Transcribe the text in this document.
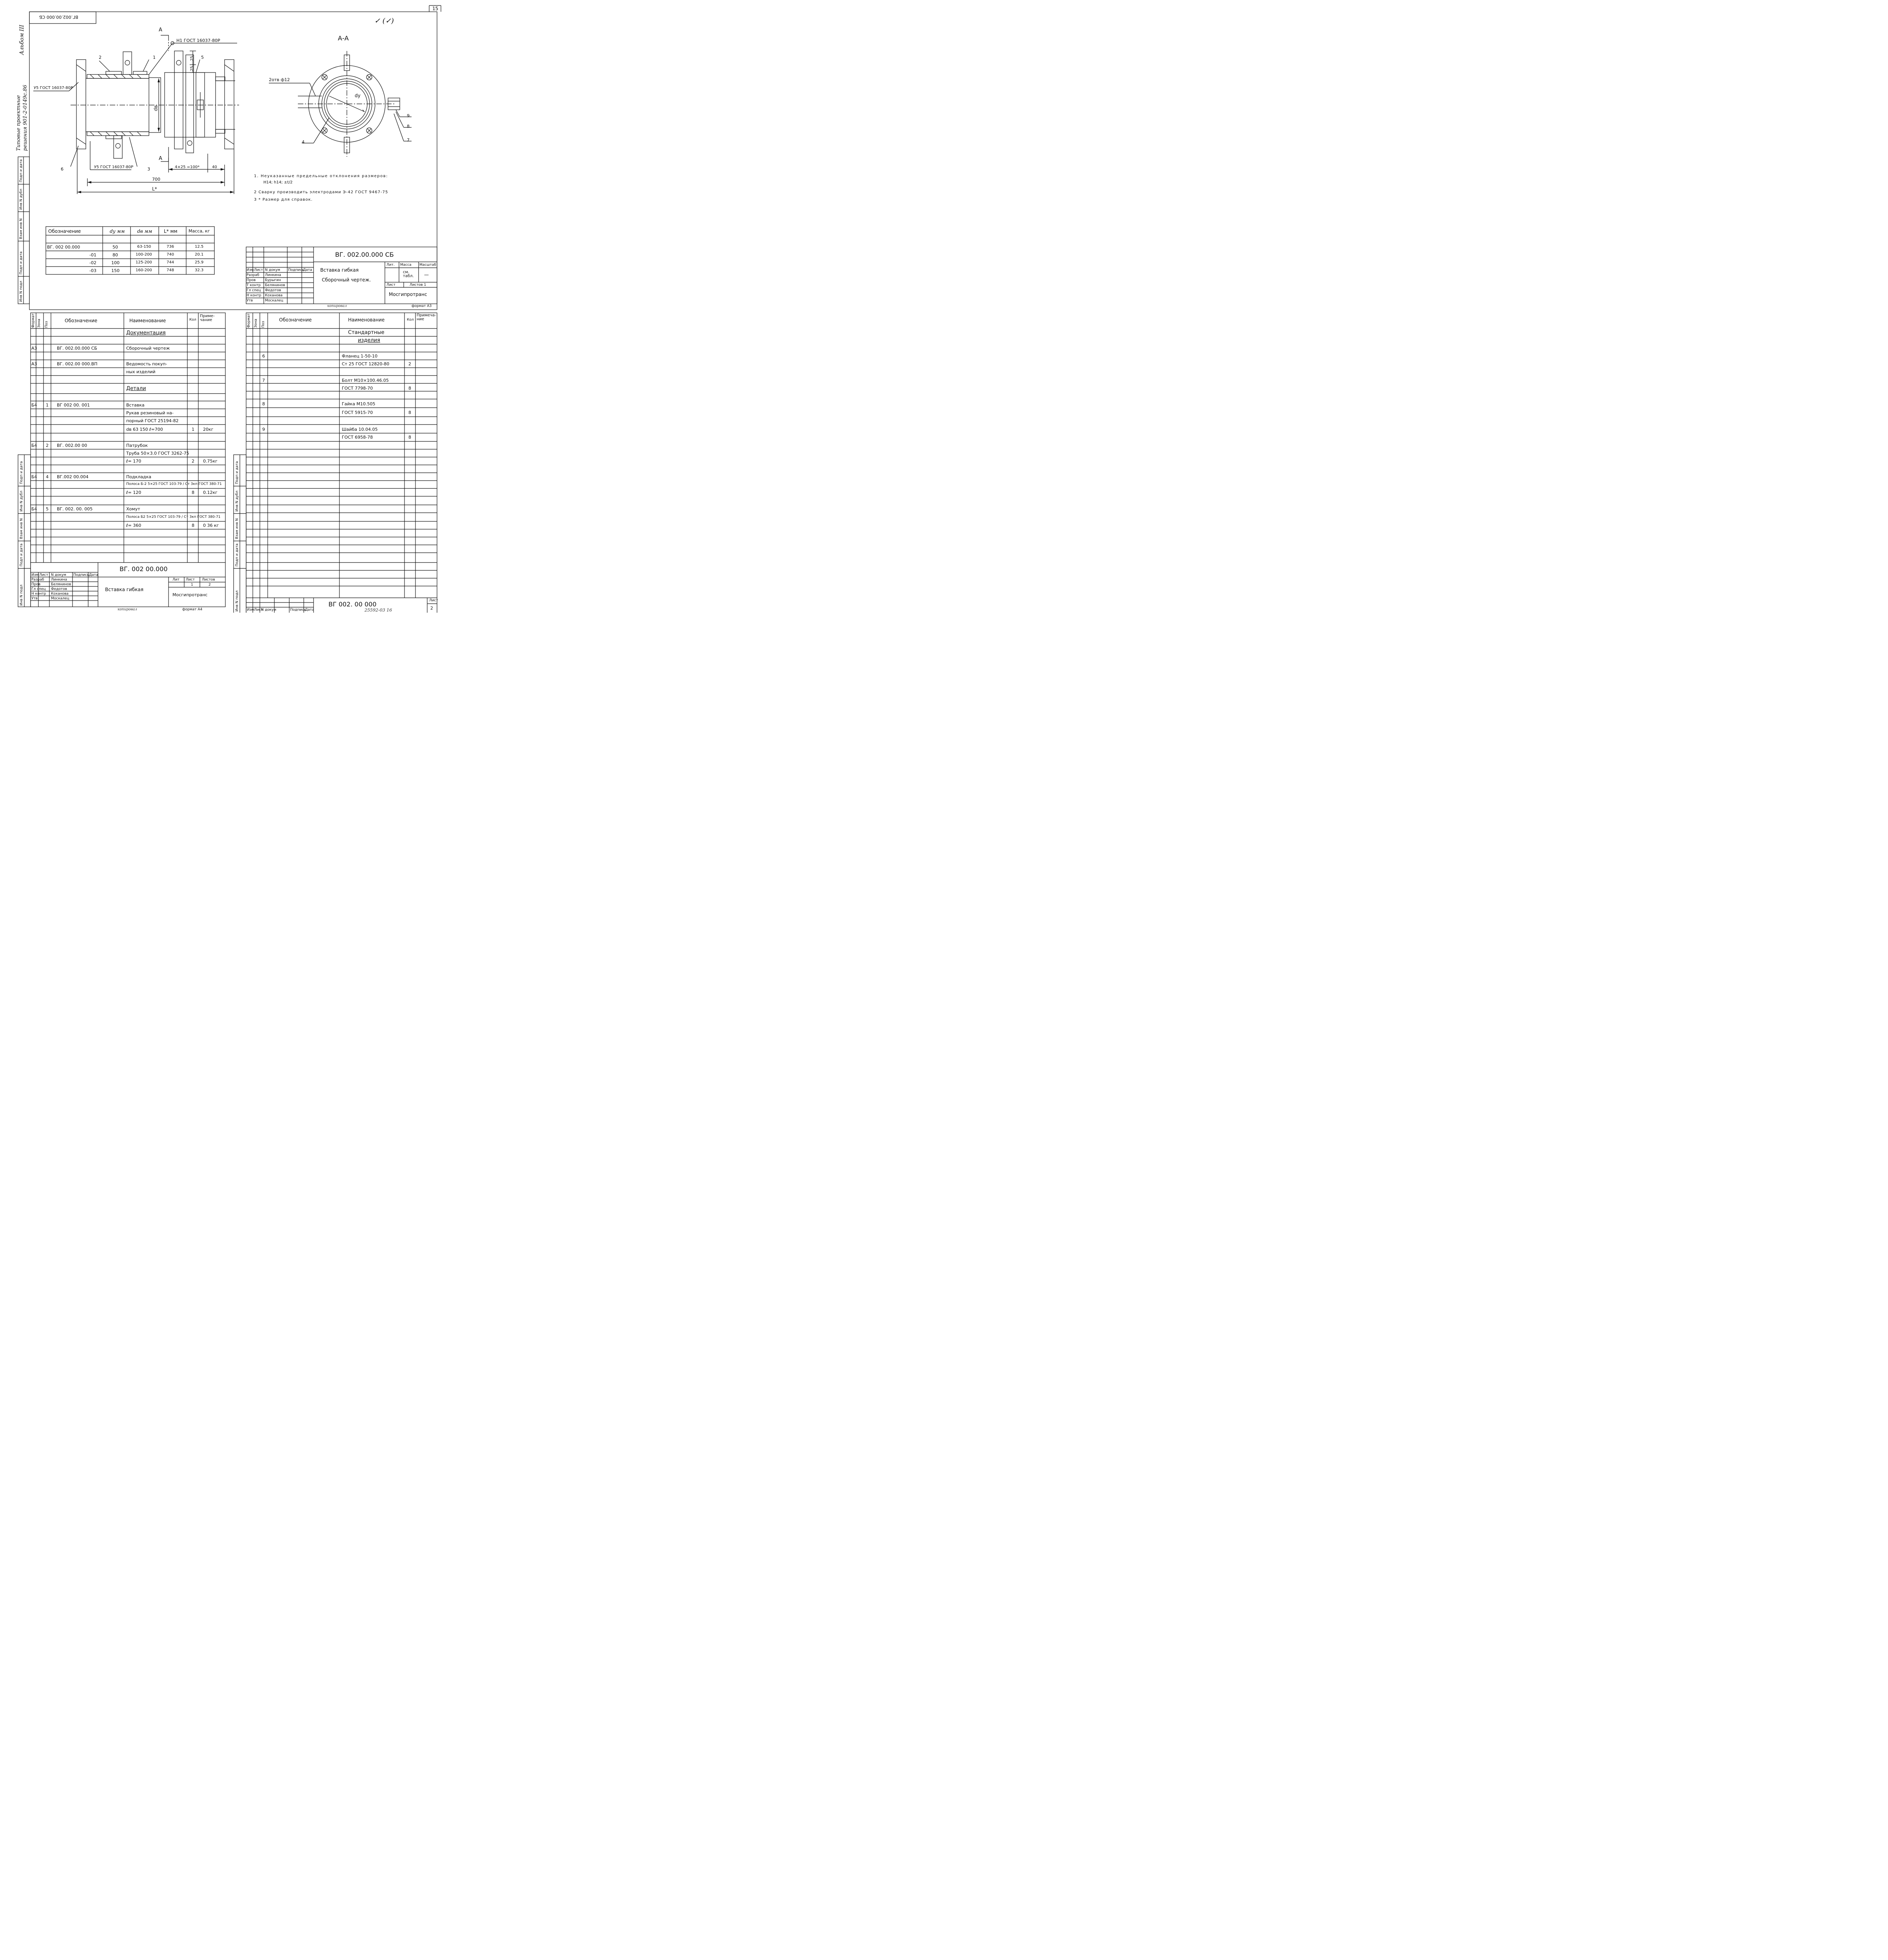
15
ВГ.002.00.000 СБ	✓ (✓)
Альбом III
Типовые проектные решения 901-2-0149с.86
Инв N подл
Подп и дата
Взам инв N
Инв N дубл
Подп и дата
H1 ГОСТ 16037-80Р
У5 ГОСТ 16037-80Р
У5 ГОСТ 16037-80Р
А
А
А-А
25
25
dв
dy
4×25 =100*	40
700
L*
2отв ф12
2	1	5
6	3
9
8
7
4
1. Неуказанные предельные отклонения размеров:
Н14; h14; ±t/2
2 Сварку производить электродами Э-42 ГОСТ 9467-75
3 * Размер для справок.
Обозначение	dy мм	dв мм L* мм	Масса, кг
ВГ. 002 00.000	50	63-150	736	12.5
-01	80	100-200	740	20.1
-02	100	125-200	744	25.9
-03	150	160-200	748	32.3
ВГ. 002.00.000 СБ
Вставка гибкая
Сборочный чертеж.
Изм Лист N докум Подпись
Дата
Разраб
Пров
Т контр
Гл спец
Н контр
Утв
Линкина
Бурыгин
Белянинов
Федотов
Коханова
Москалец
Лит. Масса Масштаб
см. табл.	—
Лист	Листов 1
Мосгипротранс
копировал	формат А3
Формат Зона Поз
Обозначение	Наименование	Кол
Приме-чание
Документация
А3	ВГ. 002.00.000 СБ	Сборочный чертеж
А3	ВГ. 002.00 000.ВП	Ведомость покуп-
ных изделий
Детали
Б4 1 ВГ 002 00. 001	Вставка
Рукав резиновый на-
порный ГОСТ 25194-82
dв 63 150 ℓ=700	1 20кг
Б4 2 ВГ. 002.00 00	Патрубок
Труба 50×3.0 ГОСТ 3262-75
ℓ= 170	2 0.75кг
Б4 4 ВГ.002 00.004	Подкладка
Полоса Б-2 5×25 ГОСТ 103-79 / Ст 3кп ГОСТ 380-71
ℓ= 120	8 0.12кг
Б4 5 ВГ. 002. 00. 005	Хомут
Полоса Б2 5×25 ГОСТ 103-79 / Ст 3кп ГОСТ 380-71
ℓ= 360	8 0 36 кг
ВГ. 002 00.000
Вставка гибкая
Мосгипротранс
Лит Лист Листов
1	2
копировал	формат А4
Изм Лист N докум Подпись Дата
Разраб
Пров
Гл спец
Н контр
Утв
Линкина
Белянинов
Федотов
Коханова
Москалец
Инв N подл
Подп и дата
Взам инв N
Инв N дубл
Подп и дата
Формат Зона Поз
Обозначение	Наименование	Кол
Примеча-ние
Стандартные
изделия
6	Фланец 1-50-10
Ст 25 ГОСТ 12820-80	2
7	Болт М10×100.46.05
ГОСТ 7798-70	8
8	Гайка М10.505
ГОСТ 5915-70	8
9	Шайба 10.04.05
ГОСТ 6958-78	8
ВГ 002. 00 000	Лист
2
Изм Лист
N докум	Подпись
Дата	25592-03 16
Инв N подл
Подп и дата
Взам инв N
Инв N дубл
Подп и дата
